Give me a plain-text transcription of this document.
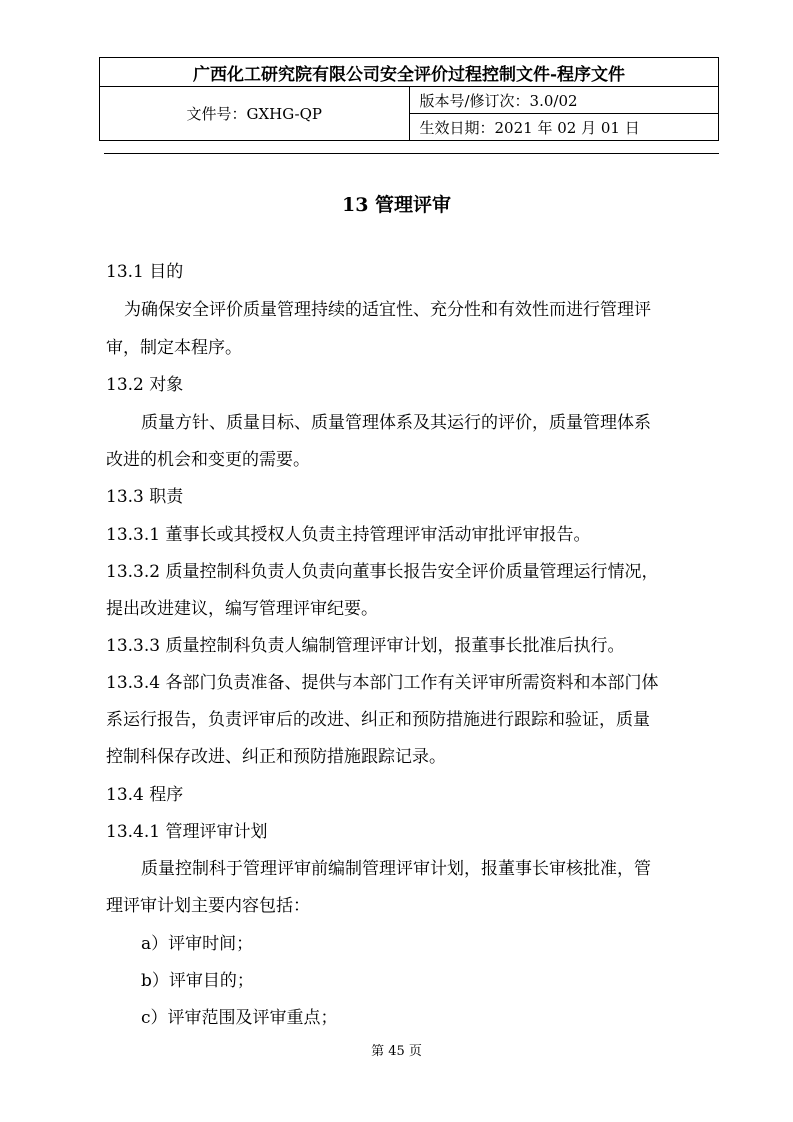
广西化工研究院有限公司安全评价过程控制文件-程序文件
文件号：GXHG-QP	版本号/修订次：3.0/02
生效日期：2021 年 02 月 01 日
13 管理评审
13.1 目的
为确保安全评价质量管理持续的适宜性、充分性和有效性而进行管理评
审，制定本程序。
13.2 对象
质量方针、质量目标、质量管理体系及其运行的评价，质量管理体系
改进的机会和变更的需要。
13.3 职责
13.3.1 董事长或其授权人负责主持管理评审活动审批评审报告。
13.3.2 质量控制科负责人负责向董事长报告安全评价质量管理运行情况，
提出改进建议，编写管理评审纪要。
13.3.3 质量控制科负责人编制管理评审计划，报董事长批准后执行。
13.3.4 各部门负责准备、提供与本部门工作有关评审所需资料和本部门体
系运行报告，负责评审后的改进、纠正和预防措施进行跟踪和验证，质量
控制科保存改进、纠正和预防措施跟踪记录。
13.4 程序
13.4.1 管理评审计划
质量控制科于管理评审前编制管理评审计划，报董事长审核批准，管
理评审计划主要内容包括：
a）评审时间；
b）评审目的；
c）评审范围及评审重点；
第 45 页
